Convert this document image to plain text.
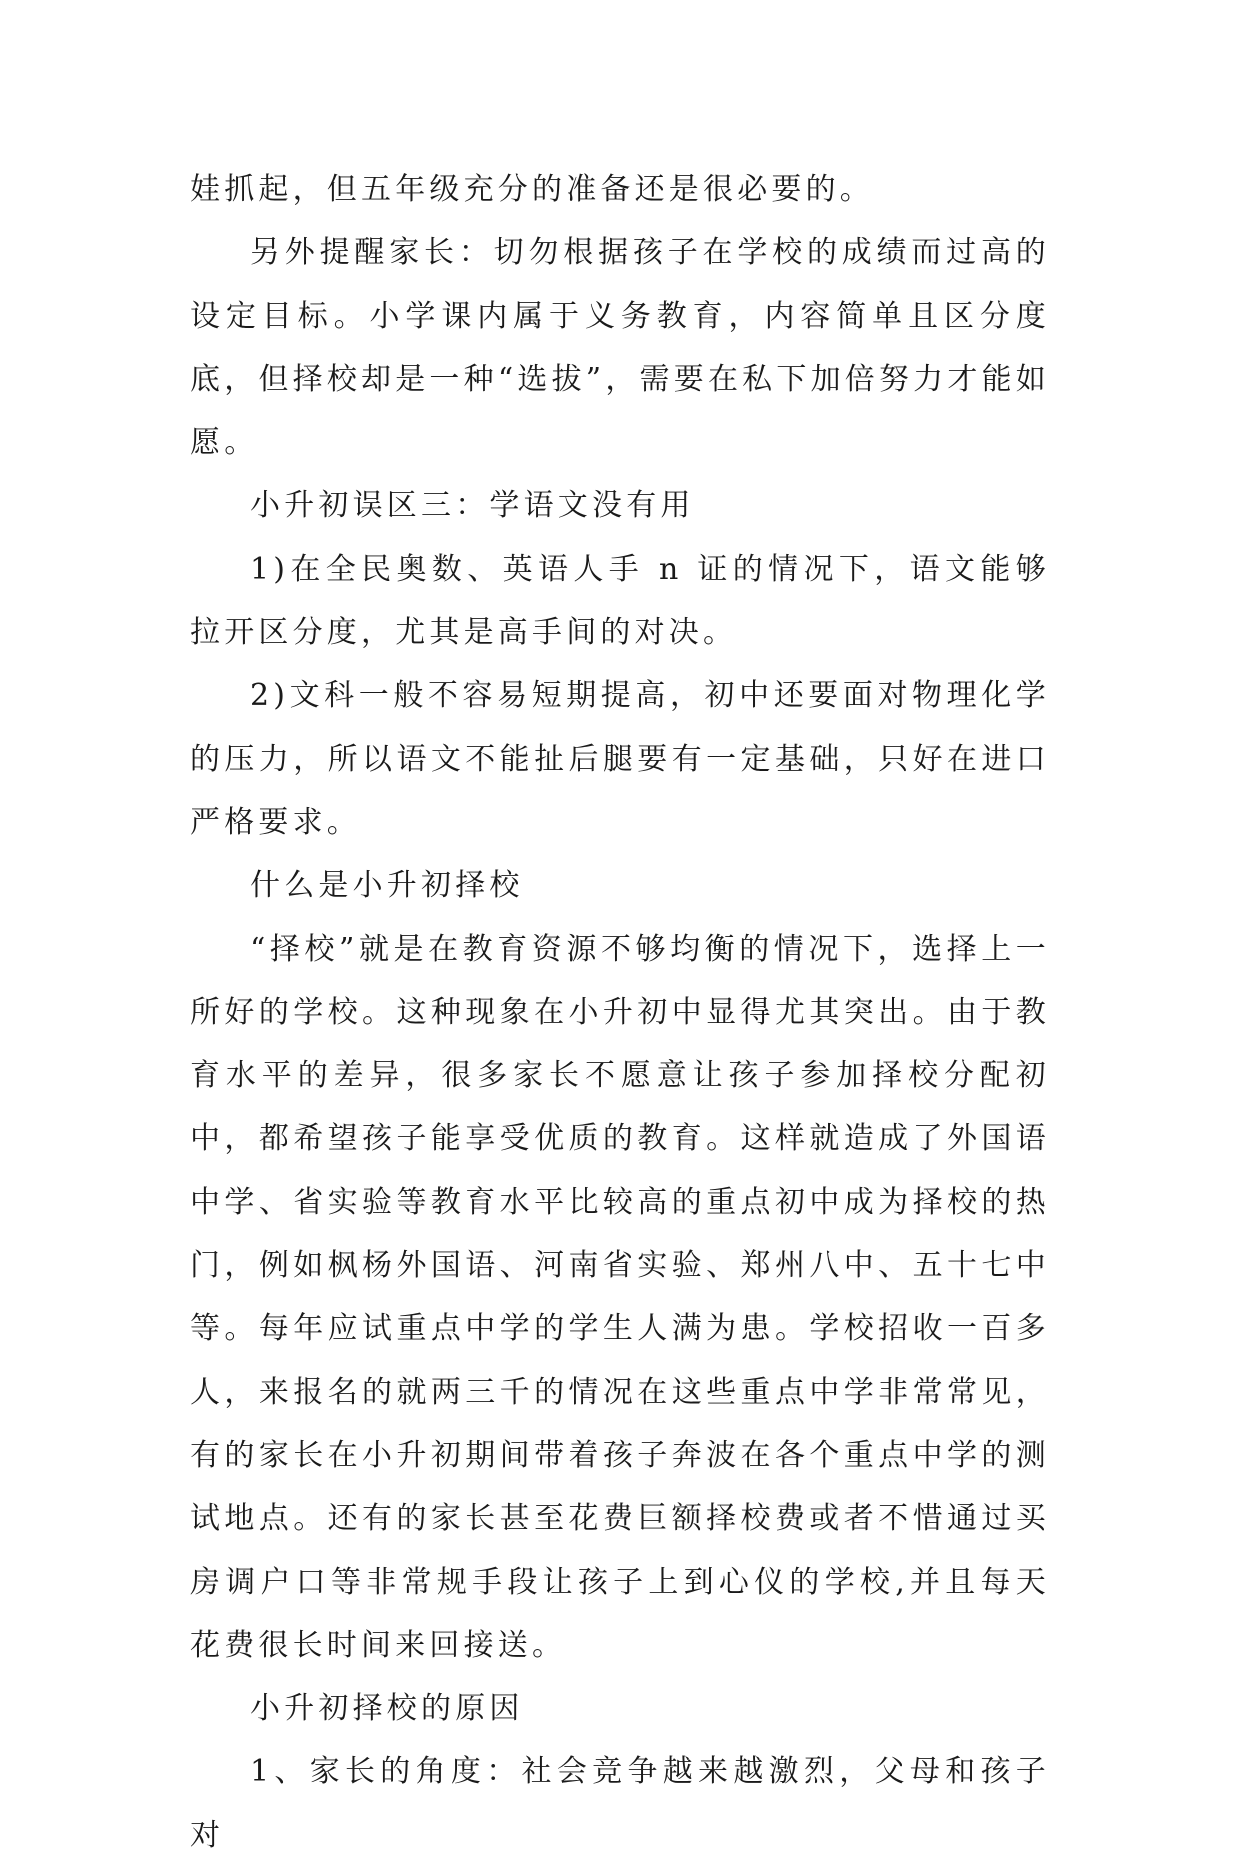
娃抓起，但五年级充分的准备还是很必要的。

另外提醒家长：切勿根据孩子在学校的成绩而过高的设定目标。小学课内属于义务教育，内容简单且区分度底，但择校却是一种“选拔”，需要在私下加倍努力才能如愿。

小升初误区三：学语文没有用

1)在全民奥数、英语人手 n 证的情况下，语文能够拉开区分度，尤其是高手间的对决。

2)文科一般不容易短期提高，初中还要面对物理化学的压力，所以语文不能扯后腿要有一定基础，只好在进口严格要求。

什么是小升初择校

“择校”就是在教育资源不够均衡的情况下，选择上一所好的学校。这种现象在小升初中显得尤其突出。由于教育水平的差异，很多家长不愿意让孩子参加择校分配初中，都希望孩子能享受优质的教育。这样就造成了外国语中学、省实验等教育水平比较高的重点初中成为择校的热门，例如枫杨外国语、河南省实验、郑州八中、五十七中等。每年应试重点中学的学生人满为患。学校招收一百多人，来报名的就两三千的情况在这些重点中学非常常见，有的家长在小升初期间带着孩子奔波在各个重点中学的测试地点。还有的家长甚至花费巨额择校费或者不惜通过买房调户口等非常规手段让孩子上到心仪的学校,并且每天花费很长时间来回接送。

小升初择校的原因

1、家长的角度：社会竞争越来越激烈，父母和孩子对
